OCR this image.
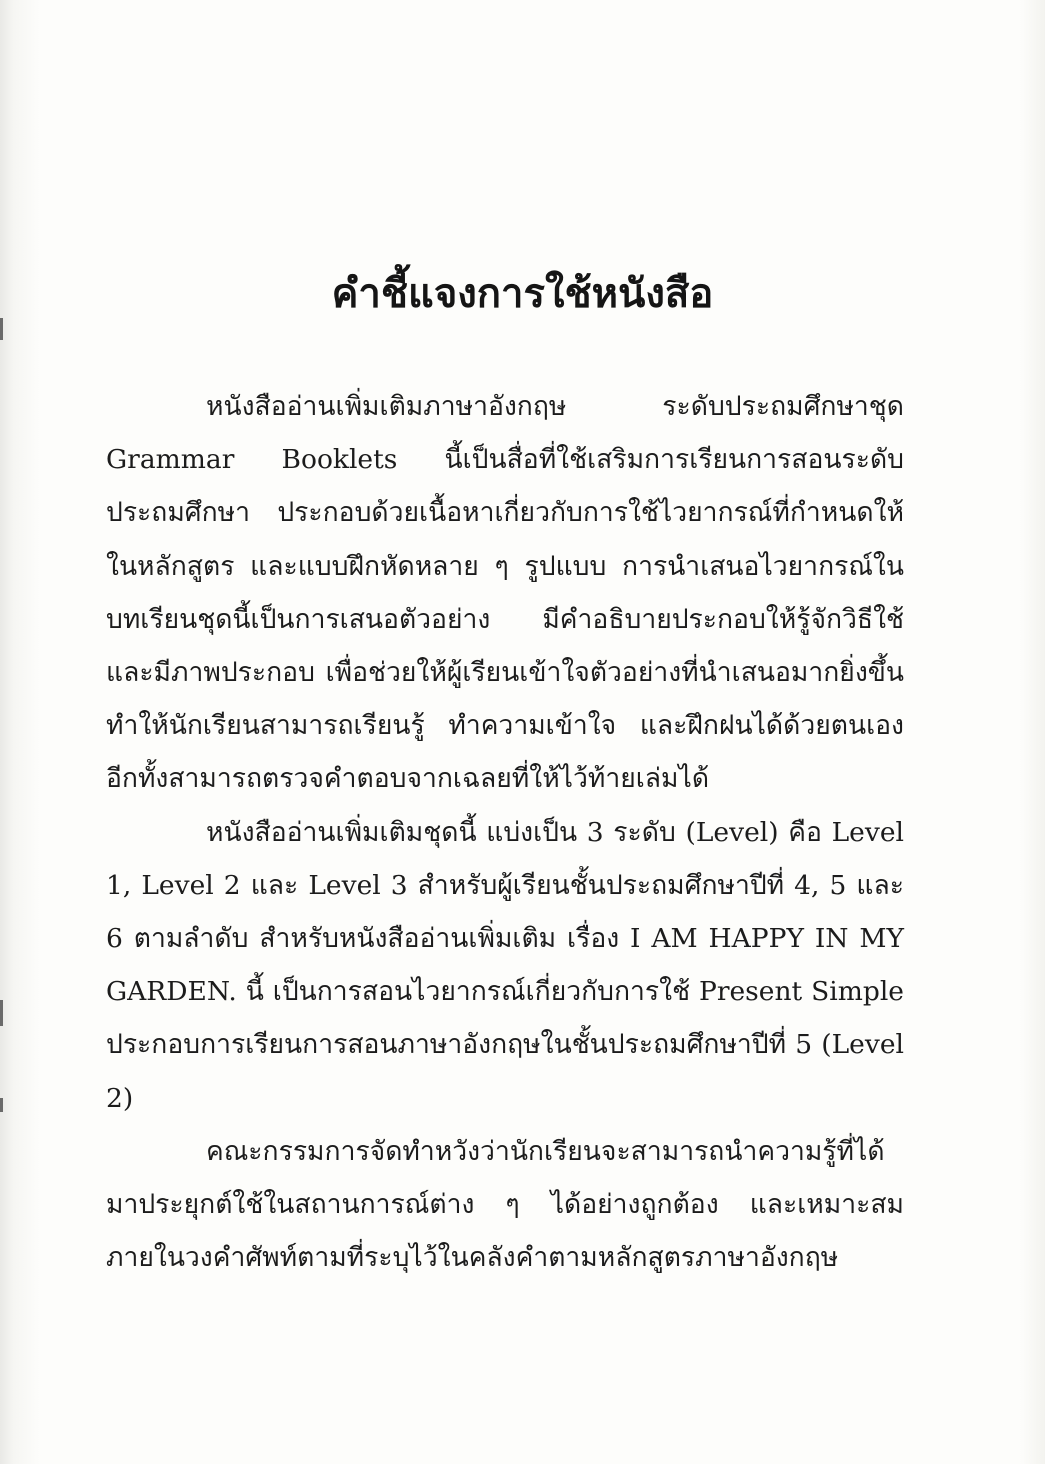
คำชี้แจงการใช้หนังสือ

หนังสืออ่านเพิ่มเติมภาษาอังกฤษ ระดับประถมศึกษาชุด Grammar Booklets นี้เป็นสื่อที่ใช้เสริมการเรียนการสอนระดับประถมศึกษา ประกอบด้วยเนื้อหาเกี่ยวกับการใช้ไวยากรณ์ที่กำหนดให้ในหลักสูตร และแบบฝึกหัดหลาย ๆ รูปแบบ การนำเสนอไวยากรณ์ในบทเรียนชุดนี้เป็นการเสนอตัวอย่าง มีคำอธิบายประกอบให้รู้จักวิธีใช้ และมีภาพประกอบ เพื่อช่วยให้ผู้เรียนเข้าใจตัวอย่างที่นำเสนอมากยิ่งขึ้น ทำให้นักเรียนสามารถเรียนรู้ ทำความเข้าใจ และฝึกฝนได้ด้วยตนเอง อีกทั้งสามารถตรวจคำตอบจากเฉลยที่ให้ไว้ท้ายเล่มได้

หนังสืออ่านเพิ่มเติมชุดนี้ แบ่งเป็น 3 ระดับ (Level) คือ Level 1, Level 2 และ Level 3 สำหรับผู้เรียนชั้นประถมศึกษาปีที่ 4, 5 และ 6 ตามลำดับ สำหรับหนังสืออ่านเพิ่มเติม เรื่อง I AM HAPPY IN MY GARDEN. นี้ เป็นการสอนไวยากรณ์เกี่ยวกับการใช้ Present Simple ประกอบการเรียนการสอนภาษาอังกฤษในชั้นประถมศึกษาปีที่ 5 (Level 2)

คณะกรรมการจัดทำหวังว่านักเรียนจะสามารถนำความรู้ที่ได้มาประยุกต์ใช้ในสถานการณ์ต่าง ๆ ได้อย่างถูกต้อง และเหมาะสมภายในวงคำศัพท์ตามที่ระบุไว้ในคลังคำตามหลักสูตรภาษาอังกฤษ
